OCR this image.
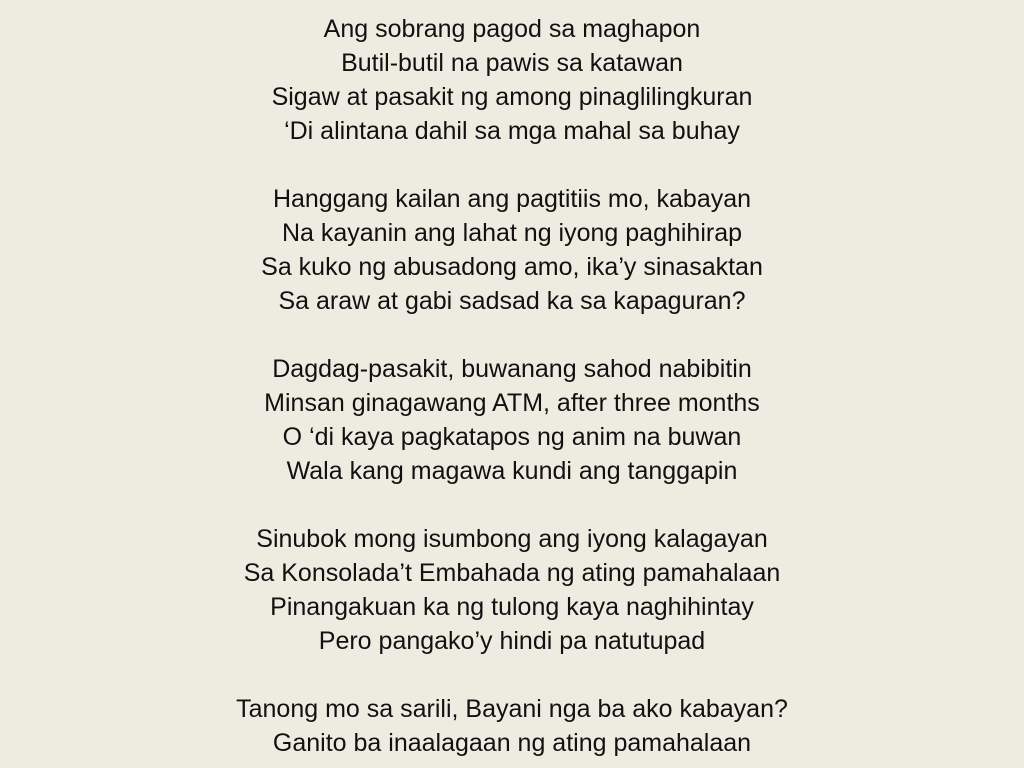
Ang sobrang pagod sa maghapon
Butil-butil na pawis sa katawan
Sigaw at pasakit ng among pinaglilingkuran
‘Di alintana dahil sa mga mahal sa buhay
Hanggang kailan ang pagtitiis mo, kabayan
Na kayanin ang lahat ng iyong paghihirap
Sa kuko ng abusadong amo, ika’y sinasaktan
Sa araw at gabi sadsad ka sa kapaguran?
Dagdag-pasakit, buwanang sahod nabibitin
Minsan ginagawang ATM, after three months
O ‘di kaya pagkatapos ng anim na buwan
Wala kang magawa kundi ang tanggapin
Sinubok mong isumbong ang iyong kalagayan
Sa Konsolada’t Embahada ng ating pamahalaan
Pinangakuan ka ng tulong kaya naghihintay
Pero pangako’y hindi pa natutupad
Tanong mo sa sarili, Bayani nga ba ako kabayan?
Ganito ba inaalagaan ng ating pamahalaan
